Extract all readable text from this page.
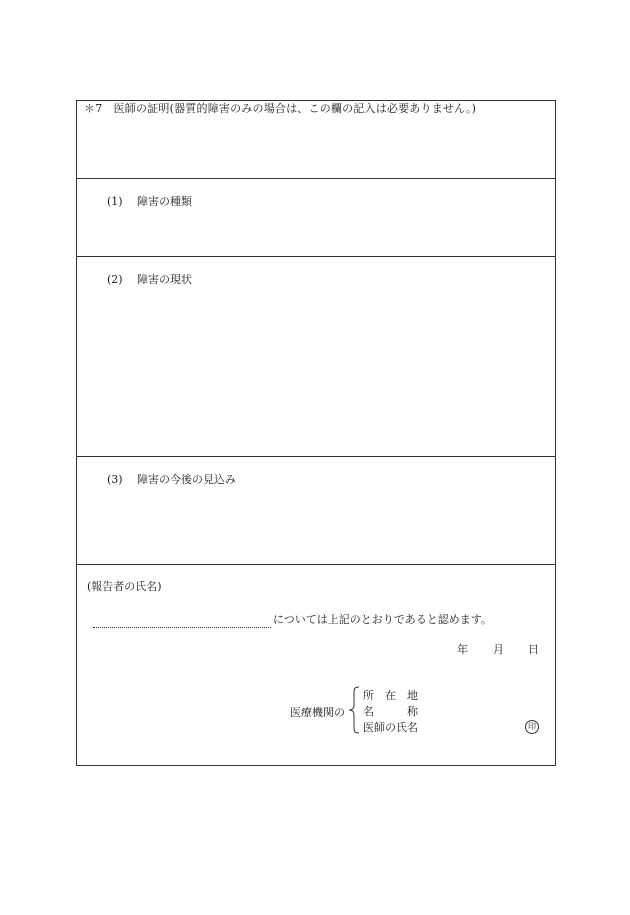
＊7　医師の証明(器質的障害のみの場合は、この欄の記入は必要ありません。)
(1) 障害の種類
(2) 障害の現状
(3) 障害の今後の見込み
(報告者の氏名)
については上記のとおりであると認めます。
年 月 日
医療機関の
所　在　地
名　　　称
医師の氏名	印
